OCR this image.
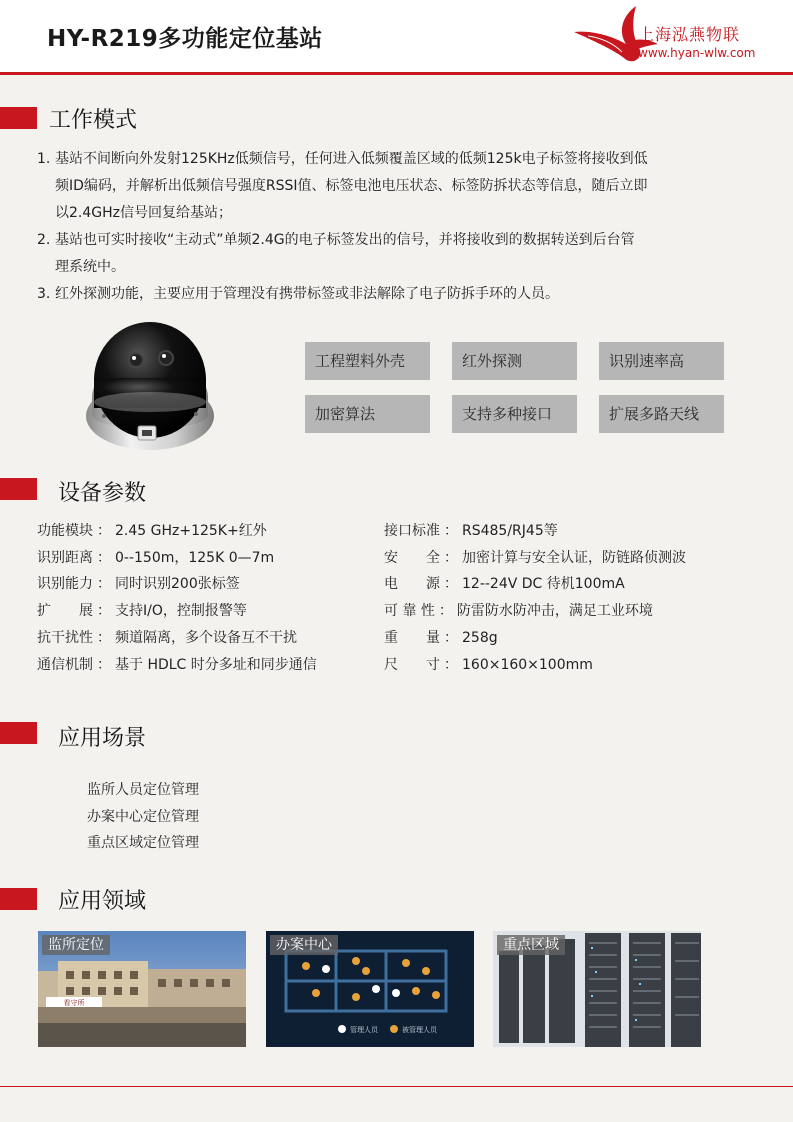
HY-R219多功能定位基站	上海泓燕物联
www.hyan-wlw.com
工作模式
1. 基站不间断向外发射125KHz低频信号，任何进入低频覆盖区域的低频125k电子标签将接收到低
频ID编码，并解析出低频信号强度RSSI值、标签电池电压状态、标签防拆状态等信息，随后立即
以2.4GHz信号回复给基站；
2. 基站也可实时接收“主动式”单频2.4G的电子标签发出的信号，并将接收到的数据转送到后台管
理系统中。
3. 红外探测功能，主要应用于管理没有携带标签或非法解除了电子防拆手环的人员。
工程塑料外壳	红外探测	识别速率高
加密算法	支持多种接口	扩展多路天线
设备参数
功能模块 ： 2.45 GHz+125K+红外
识别距离 ： 0--150m，125K 0—7m
识别能力 ： 同时识别200张标签
扩　　展 ： 支持I/O，控制报警等
抗干扰性 ： 频道隔离，多个设备互不干扰
通信机制 ： 基于 HDLC 时分多址和同步通信
接口标准 ： RS485/RJ45等
安　　全 ： 加密计算与安全认证，防链路侦测波
电　　源 ： 12--24V DC 待机100mA
可 靠 性 ： 防雷防水防冲击，满足工业环境
重　　量 ： 258g
尺　　寸 ： 160×160×100mm
应用场景
监所人员定位管理
办案中心定位管理
重点区域定位管理
应用领域
看守所
监所定位
管理人员	被管理人员
办案中心	重点区域
